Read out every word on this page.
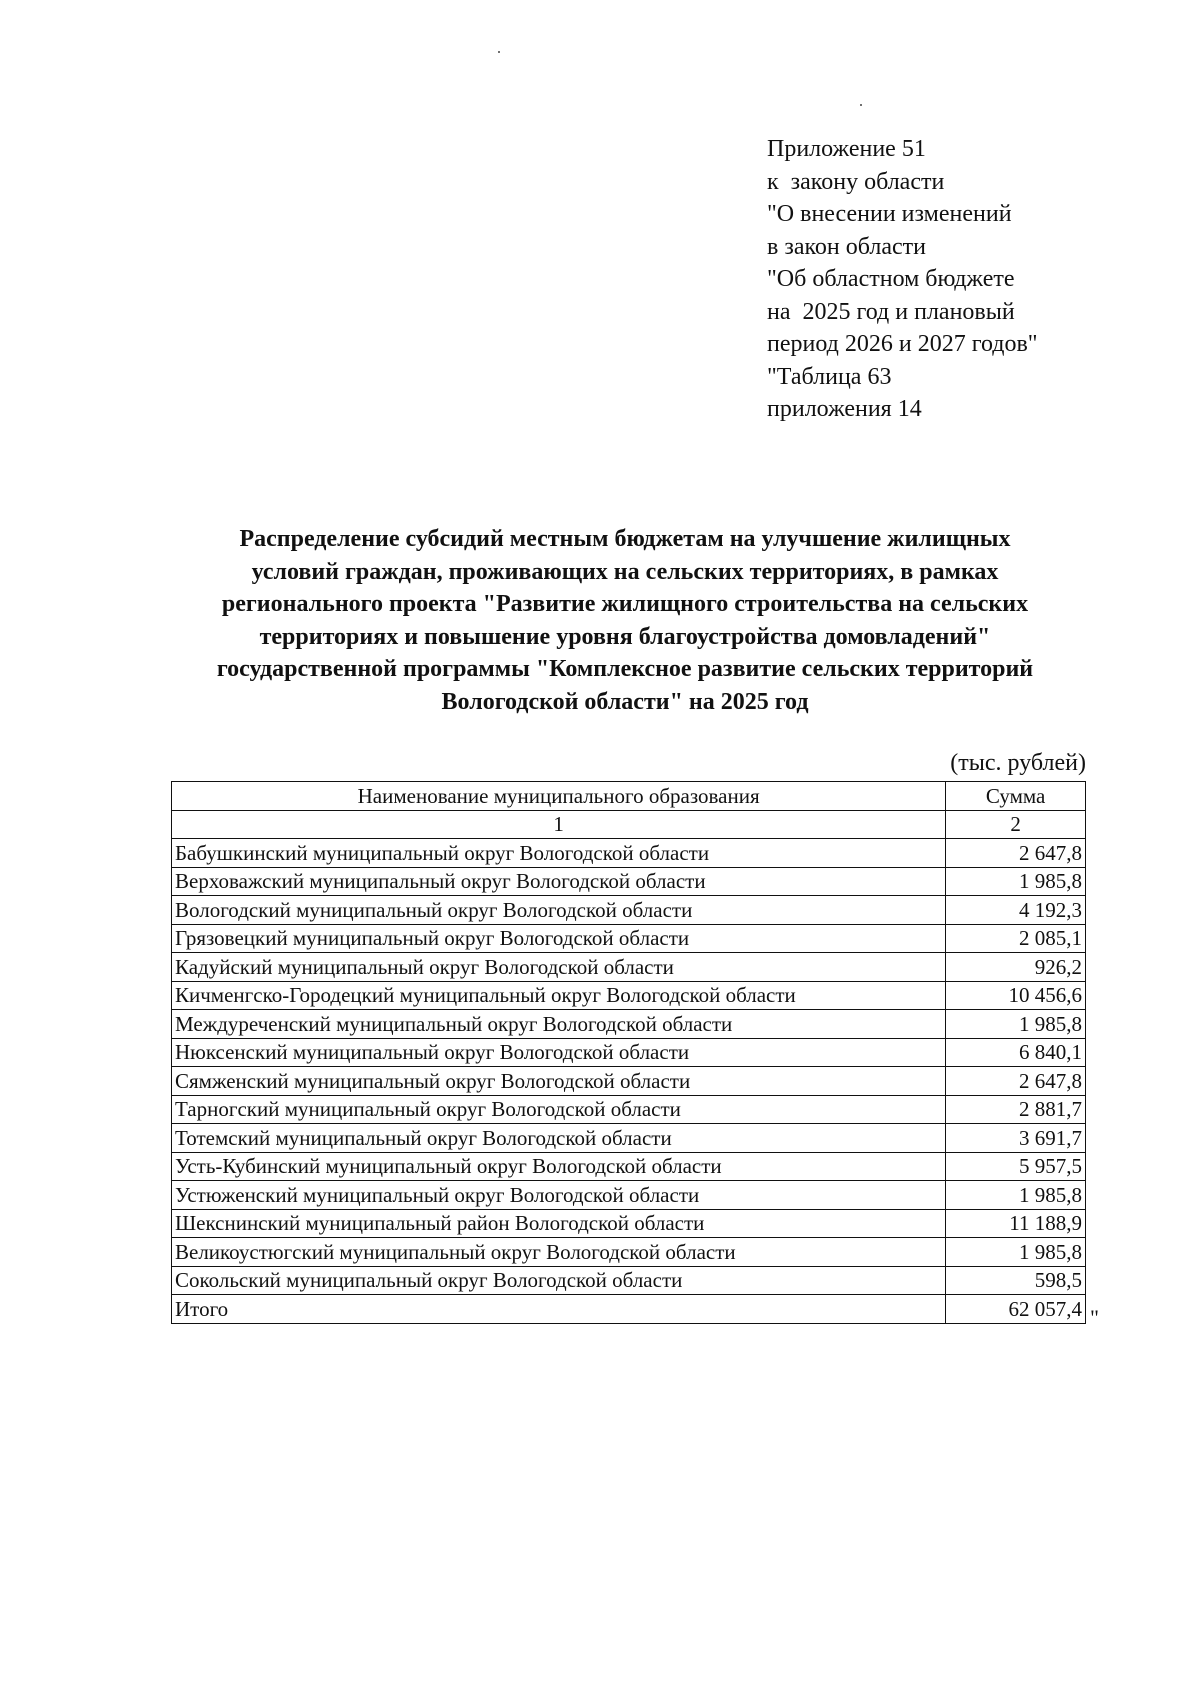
Приложение 51
к  закону области
"О внесении изменений
в закон области
"Об областном бюджете
на  2025 год и плановый
период 2026 и 2027 годов"
"Таблица 63
приложения 14
Распределение субсидий местным бюджетам на улучшение жилищных
условий граждан, проживающих на сельских территориях, в рамках
регионального проекта "Развитие жилищного строительства на сельских
территориях и повышение уровня благоустройства домовладений"
государственной программы "Комплексное развитие сельских территорий
Вологодской области" на 2025 год
(тыс. рублей)
Наименование муниципального образования	Сумма
1	2
Бабушкинский муниципальный округ Вологодской области	2 647,8
Верховажский муниципальный округ Вологодской области	1 985,8
Вологодский муниципальный округ Вологодской области	4 192,3
Грязовецкий муниципальный округ Вологодской области	2 085,1
Кадуйский муниципальный округ Вологодской области	926,2
Кичменгско-Городецкий муниципальный округ Вологодской области	10 456,6
Междуреченский муниципальный округ Вологодской области	1 985,8
Нюксенский муниципальный округ Вологодской области	6 840,1
Сямженский муниципальный округ Вологодской области	2 647,8
Тарногский муниципальный округ Вологодской области	2 881,7
Тотемский муниципальный округ Вологодской области	3 691,7
Усть-Кубинский муниципальный округ Вологодской области	5 957,5
Устюженский муниципальный округ Вологодской области	1 985,8
Шекснинский муниципальный район Вологодской области	11 188,9
Великоустюгский муниципальный округ Вологодской области	1 985,8
Сокольский муниципальный округ Вологодской области	598,5
Итого	62 057,4 "
